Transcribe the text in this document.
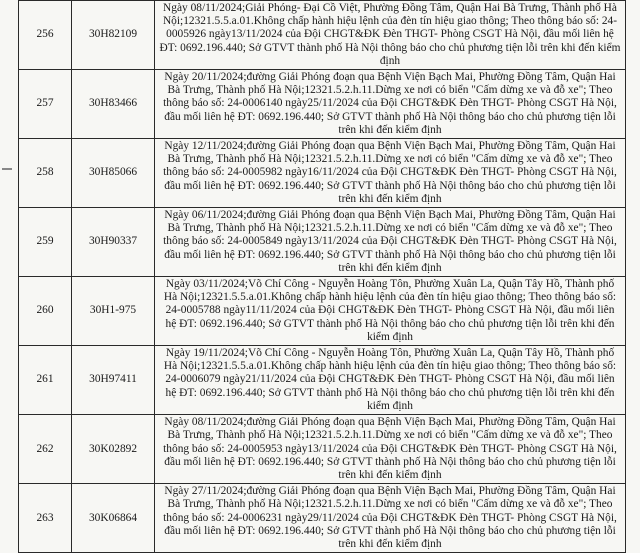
256	30H82109	Ngày 08/11/2024;Giải Phóng- Đại Cồ Việt, Phường Đồng Tâm, Quận Hai Bà Trưng, Thành phố Hà Nội;12321.5.5.a.01.Không chấp hành hiệu lệnh của đèn tín hiệu giao thông; Theo thông báo số: 24-0005926 ngày13/11/2024 của Đội CHGT&ĐK Đèn THGT- Phòng CSGT Hà Nội, đầu mối liên hệ ĐT: 0692.196.440; Sở GTVT thành phố Hà Nội thông báo cho chủ phương tiện lỗi trên khi đến kiểm định
257	30H83466	Ngày 20/11/2024;đường Giải Phóng đoạn qua Bệnh Viện Bạch Mai, Phường Đồng Tâm, Quận Hai Bà Trưng, Thành phố Hà Nội;12321.5.2.h.11.Dừng xe nơi có biển "Cấm dừng xe và đỗ xe"; Theo thông báo số: 24-0006140 ngày25/11/2024 của Đội CHGT&ĐK Đèn THGT- Phòng CSGT Hà Nội, đầu mối liên hệ ĐT: 0692.196.440; Sở GTVT thành phố Hà Nội thông báo cho chủ phương tiện lỗi trên khi đến kiểm định
258	30H85066	Ngày 12/11/2024;đường Giải Phóng đoạn qua Bệnh Viện Bạch Mai, Phường Đồng Tâm, Quận Hai Bà Trưng, Thành phố Hà Nội;12321.5.2.h.11.Dừng xe nơi có biển "Cấm dừng xe và đỗ xe"; Theo thông báo số: 24-0005982 ngày16/11/2024 của Đội CHGT&ĐK Đèn THGT- Phòng CSGT Hà Nội, đầu mối liên hệ ĐT: 0692.196.440; Sở GTVT thành phố Hà Nội thông báo cho chủ phương tiện lỗi trên khi đến kiểm định
259	30H90337	Ngày 06/11/2024;đường Giải Phóng đoạn qua Bệnh Viện Bạch Mai, Phường Đồng Tâm, Quận Hai Bà Trưng, Thành phố Hà Nội;12321.5.2.h.11.Dừng xe nơi có biển "Cấm dừng xe và đỗ xe"; Theo thông báo số: 24-0005849 ngày13/11/2024 của Đội CHGT&ĐK Đèn THGT- Phòng CSGT Hà Nội, đầu mối liên hệ ĐT: 0692.196.440; Sở GTVT thành phố Hà Nội thông báo cho chủ phương tiện lỗi trên khi đến kiểm định
260	30H1-975	Ngày 03/11/2024;Võ Chí Công - Nguyễn Hoàng Tôn, Phường Xuân La, Quận Tây Hồ, Thành phố Hà Nội;12321.5.5.a.01.Không chấp hành hiệu lệnh của đèn tín hiệu giao thông; Theo thông báo số: 24-0005788 ngày11/11/2024 của Đội CHGT&ĐK Đèn THGT- Phòng CSGT Hà Nội, đầu mối liên hệ ĐT: 0692.196.440; Sở GTVT thành phố Hà Nội thông báo cho chủ phương tiện lỗi trên khi đến kiểm định
261	30H97411	Ngày 19/11/2024;Võ Chí Công - Nguyễn Hoàng Tôn, Phường Xuân La, Quận Tây Hồ, Thành phố Hà Nội;12321.5.5.a.01.Không chấp hành hiệu lệnh của đèn tín hiệu giao thông; Theo thông báo số: 24-0006079 ngày21/11/2024 của Đội CHGT&ĐK Đèn THGT- Phòng CSGT Hà Nội, đầu mối liên hệ ĐT: 0692.196.440; Sở GTVT thành phố Hà Nội thông báo cho chủ phương tiện lỗi trên khi đến kiểm định
262	30K02892	Ngày 08/11/2024;đường Giải Phóng đoạn qua Bệnh Viện Bạch Mai, Phường Đồng Tâm, Quận Hai Bà Trưng, Thành phố Hà Nội;12321.5.2.h.11.Dừng xe nơi có biển "Cấm dừng xe và đỗ xe"; Theo thông báo số: 24-0005953 ngày13/11/2024 của Đội CHGT&ĐK Đèn THGT- Phòng CSGT Hà Nội, đầu mối liên hệ ĐT: 0692.196.440; Sở GTVT thành phố Hà Nội thông báo cho chủ phương tiện lỗi trên khi đến kiểm định
263	30K06864	Ngày 27/11/2024;đường Giải Phóng đoạn qua Bệnh Viện Bạch Mai, Phường Đồng Tâm, Quận Hai Bà Trưng, Thành phố Hà Nội;12321.5.2.h.11.Dừng xe nơi có biển "Cấm dừng xe và đỗ xe"; Theo thông báo số: 24-0006231 ngày29/11/2024 của Đội CHGT&ĐK Đèn THGT- Phòng CSGT Hà Nội, đầu mối liên hệ ĐT: 0692.196.440; Sở GTVT thành phố Hà Nội thông báo cho chủ phương tiện lỗi trên khi đến kiểm định
